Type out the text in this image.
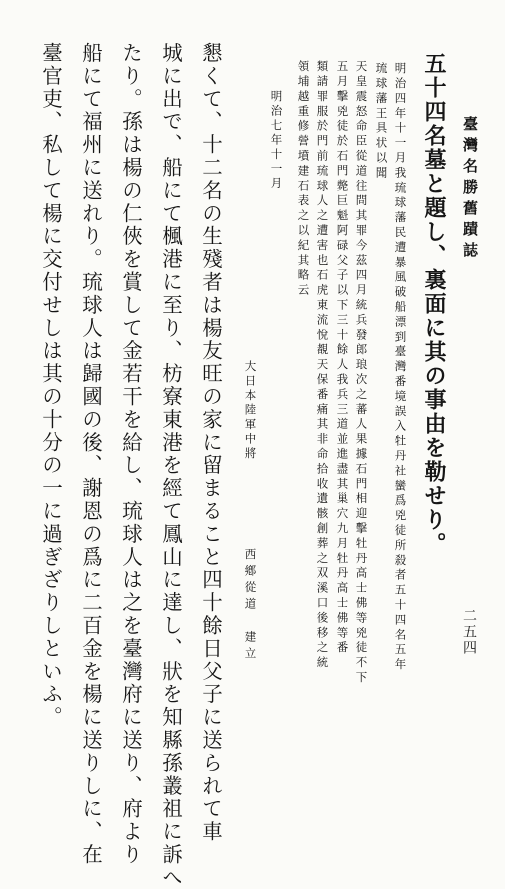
臺灣名勝舊蹟誌

二五四

五十四名墓と題し、裏面に其の事由を勒せり。

明治四年十一月我琉球藩民遭暴風破船漂到臺灣番境誤入牡丹社蠻爲兇徒所殺者五十四名五年

琉球藩王具状以聞

天皇震怒命臣從道往問其罪今茲四月統兵發郎琅次之蕃人果據石門相迎擊牡丹高士佛等兇徒不下

五月擊兇徒於石門斃巨魁阿碌父子以下三十餘人我兵三道並進盡其巢穴九月牡丹高士佛等番

類請罪服於門前琉球人之遭害也石虎東流悅覩天保番痛其非命拾收遺骸創葬之双溪口後移之統

領埔越重修營墳建石表之以紀其略云

明治七年十一月

大日本陸軍中將

西鄕從道　建立

懇くて、十二名の生殘者は楊友旺の家に留まること四十餘日父子に送られて車

城に出で、船にて楓港に至り、枋寮東港を經て鳳山に達し、狀を知縣孫叢祖に訴へ

たり。孫は楊の仁俠を賞して金若干を給し、琉球人は之を臺灣府に送り、府より

船にて福州に送れり。琉球人は歸國の後、謝恩の爲に二百金を楊に送りしに、在

臺官吏、私して楊に交付せしは其の十分の一に過ぎざりしといふ。
